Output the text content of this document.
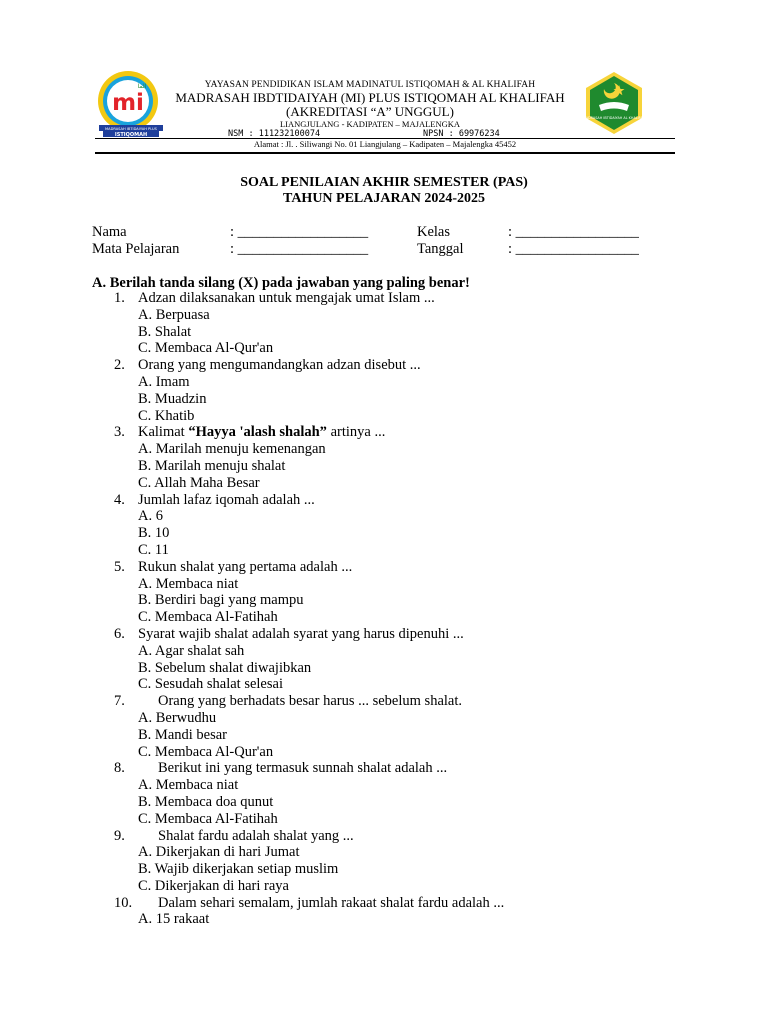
mi
الما
MADRASAH IBTIDAIYAH PLUS
ISTIQOMAH
MADRASAH IBTIDAIYAH AL KHALIFAH
YAYASAN PENDIDIKAN ISLAM MADINATUL ISTIQOMAH & AL KHALIFAH
MADRASAH IBDTIDAIYAH (MI) PLUS ISTIQOMAH AL KHALIFAH
(AKREDITASI “A” UNGGUL)
LIANGJULANG - KADIPATEN – MAJALENGKA
NSM : 111232100074	NPSN : 69976234
Alamat : Jl. . Siliwangi No. 01 Liangjulang – Kadipaten – Majalengka 45452
SOAL PENILAIAN AKHIR SEMESTER (PAS)
TAHUN PELAJARAN 2024-2025
Nama	: __________________
Mata Pelajaran	: __________________
Kelas	: _________________
Tanggal	: _________________
A. Berilah tanda silang (X) pada jawaban yang paling benar!
1. Adzan dilaksanakan untuk mengajak umat Islam ...
A. Berpuasa
B. Shalat
C. Membaca Al-Qur'an
2. Orang yang mengumandangkan adzan disebut ...
A. Imam
B. Muadzin
C. Khatib
3. Kalimat “Hayya 'alash shalah” artinya ...
A. Marilah menuju kemenangan
B. Marilah menuju shalat
C. Allah Maha Besar
4. Jumlah lafaz iqomah adalah ...
A. 6
B. 10
C. 11
5. Rukun shalat yang pertama adalah ...
A. Membaca niat
B. Berdiri bagi yang mampu
C. Membaca Al-Fatihah
6. Syarat wajib shalat adalah syarat yang harus dipenuhi ...
A. Agar shalat sah
B. Sebelum shalat diwajibkan
C. Sesudah shalat selesai
7. Orang yang berhadats besar harus ... sebelum shalat.
A. Berwudhu
B. Mandi besar
C. Membaca Al-Qur'an
8. Berikut ini yang termasuk sunnah shalat adalah ...
A. Membaca niat
B. Membaca doa qunut
C. Membaca Al-Fatihah
9. Shalat fardu adalah shalat yang ...
A. Dikerjakan di hari Jumat
B. Wajib dikerjakan setiap muslim
C. Dikerjakan di hari raya
10. Dalam sehari semalam, jumlah rakaat shalat fardu adalah ...
A. 15 rakaat
